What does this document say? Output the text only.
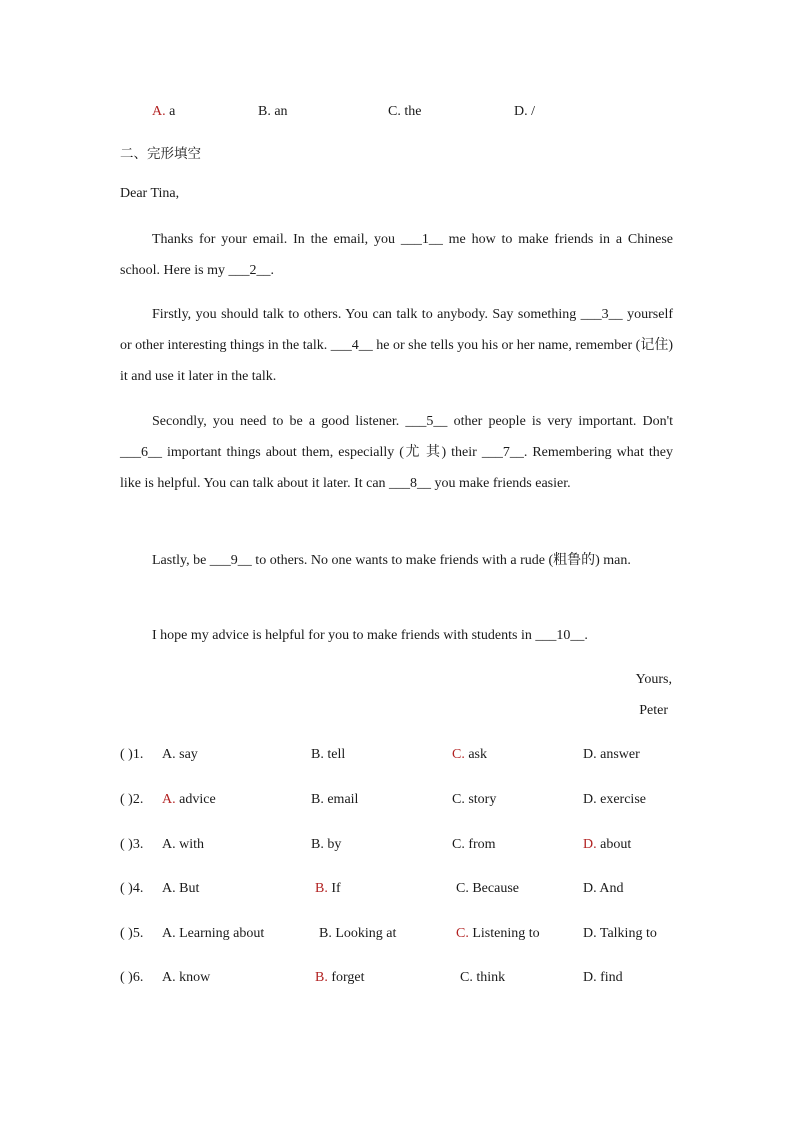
A. a	B. an	C. the	D. /
二、完形填空
Dear Tina,

Thanks for your email. In the email, you ___1__ me how to make friends in a Chinese school. Here is my ___2__.

Firstly, you should talk to others. You can talk to anybody. Say something ___3__ yourself or other interesting things in the talk. ___4__ he or she tells you his or her name, remember (记住) it and use it later in the talk.

Secondly, you need to be a good listener. ___5__ other people is very important. Don't ___6__ important things about them, especially (尤 其) their ___7__. Remembering what they like is helpful. You can talk about it later. It can ___8__ you make friends easier.

Lastly, be ___9__ to others. No one wants to make friends with a rude (粗鲁的) man.

I hope my advice is helpful for you to make friends with students in ___10__.

Yours,
Peter
( )1. A. say	B. tell	C. ask	D. answer
( )2. A. advice	B. email	C. story	D. exercise
( )3. A. with	B. by	C. from	D. about
( )4. A. But	B. If	C. Because	D. And
( )5. A. Learning about	B. Looking at	C. Listening to	D. Talking to
( )6. A. know	B. forget	C. think	D. find
